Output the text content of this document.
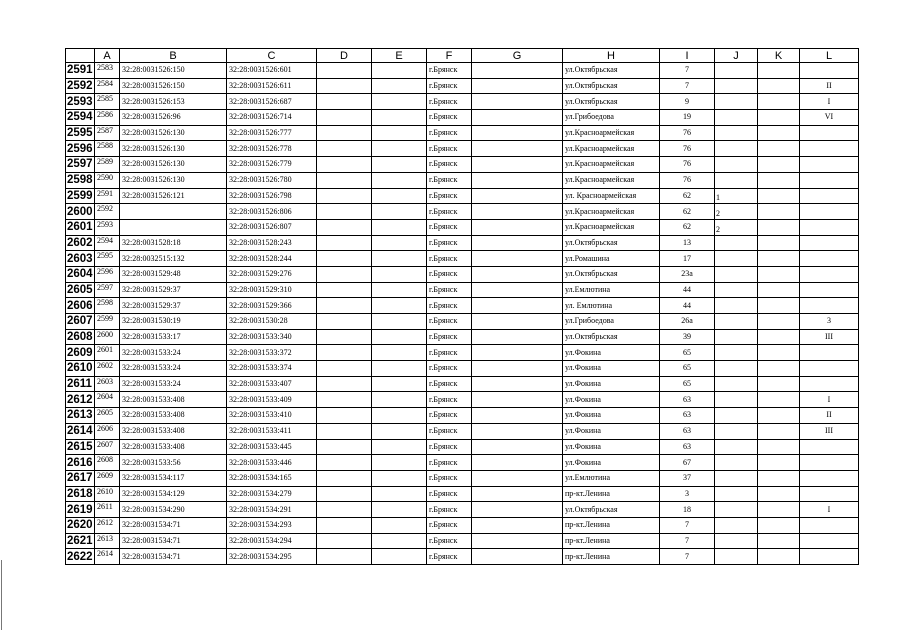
	A	B	C	D	E	F	G	H	I	J	K	L
2591	2583	32:28:0031526:150	32:28:0031526:601			г.Брянск		ул.Октябрьская	7			
2592	2584	32:28:0031526:150	32:28:0031526:611			г.Брянск		ул.Октябрьская	7			II
2593	2585	32:28:0031526:153	32:28:0031526:687			г.Брянск		ул.Октябрьская	9			I
2594	2586	32:28:0031526:96	32:28:0031526:714			г.Брянск		ул.Грибоедова	19			VI
2595	2587	32:28:0031526:130	32:28:0031526:777			г.Брянск		ул.Красноармейская	76			
2596	2588	32:28:0031526:130	32:28:0031526:778			г.Брянск		ул.Красноармейская	76			
2597	2589	32:28:0031526:130	32:28:0031526:779			г.Брянск		ул.Красноармейская	76			
2598	2590	32:28:0031526:130	32:28:0031526:780			г.Брянск		ул.Красноармейская	76			
2599	2591	32:28:0031526:121	32:28:0031526:798			г.Брянск		ул. Красноармейская	62	1		
2600	2592		32:28:0031526:806			г.Брянск		ул.Красноармейская	62	2		
2601	2593		32:28:0031526:807			г.Брянск		ул.Красноармейская	62	2		
2602	2594	32:28:0031528:18	32:28:0031528:243			г.Брянск		ул.Октябрьская	13			
2603	2595	32:28:0032515:132	32:28:0031528:244			г.Брянск		ул.Ромашина	17			
2604	2596	32:28:0031529:48	32:28:0031529:276			г.Брянск		ул.Октябрьская	23а			
2605	2597	32:28:0031529:37	32:28:0031529:310			г.Брянск		ул.Емлютина	44			
2606	2598	32:28:0031529:37	32:28:0031529:366			г.Брянск		ул. Емлютина	44			
2607	2599	32:28:0031530:19	32:28:0031530:28			г.Брянск		ул.Грибоедова	26а			3
2608	2600	32:28:0031533:17	32:28:0031533:340			г.Брянск		ул.Октябрьская	39			III
2609	2601	32:28:0031533:24	32:28:0031533:372			г.Брянск		ул.Фокина	65			
2610	2602	32:28:0031533:24	32:28:0031533:374			г.Брянск		ул.Фокина	65			
2611	2603	32:28:0031533:24	32:28:0031533:407			г.Брянск		ул.Фокина	65			
2612	2604	32:28:0031533:408	32:28:0031533:409			г.Брянск		ул.Фокина	63			I
2613	2605	32:28:0031533:408	32:28:0031533:410			г.Брянск		ул.Фокина	63			II
2614	2606	32:28:0031533:408	32:28:0031533:411			г.Брянск		ул.Фокина	63			III
2615	2607	32:28:0031533:408	32:28:0031533:445			г.Брянск		ул.Фокина	63			
2616	2608	32:28:0031533:56	32:28:0031533:446			г.Брянск		ул.Фокина	67			
2617	2609	32:28:0031534:117	32:28:0031534:165			г.Брянск		ул.Емлютина	37			
2618	2610	32:28:0031534:129	32:28:0031534:279			г.Брянск		пр-кт.Ленина	3			
2619	2611	32:28:0031534:290	32:28:0031534:291			г.Брянск		ул.Октябрьская	18			I
2620	2612	32:28:0031534:71	32:28:0031534:293			г.Брянск		пр-кт.Ленина	7			
2621	2613	32:28:0031534:71	32:28:0031534:294			г.Брянск		пр-кт.Ленина	7			
2622	2614	32:28:0031534:71	32:28:0031534:295			г.Брянск		пр-кт.Ленина	7			
